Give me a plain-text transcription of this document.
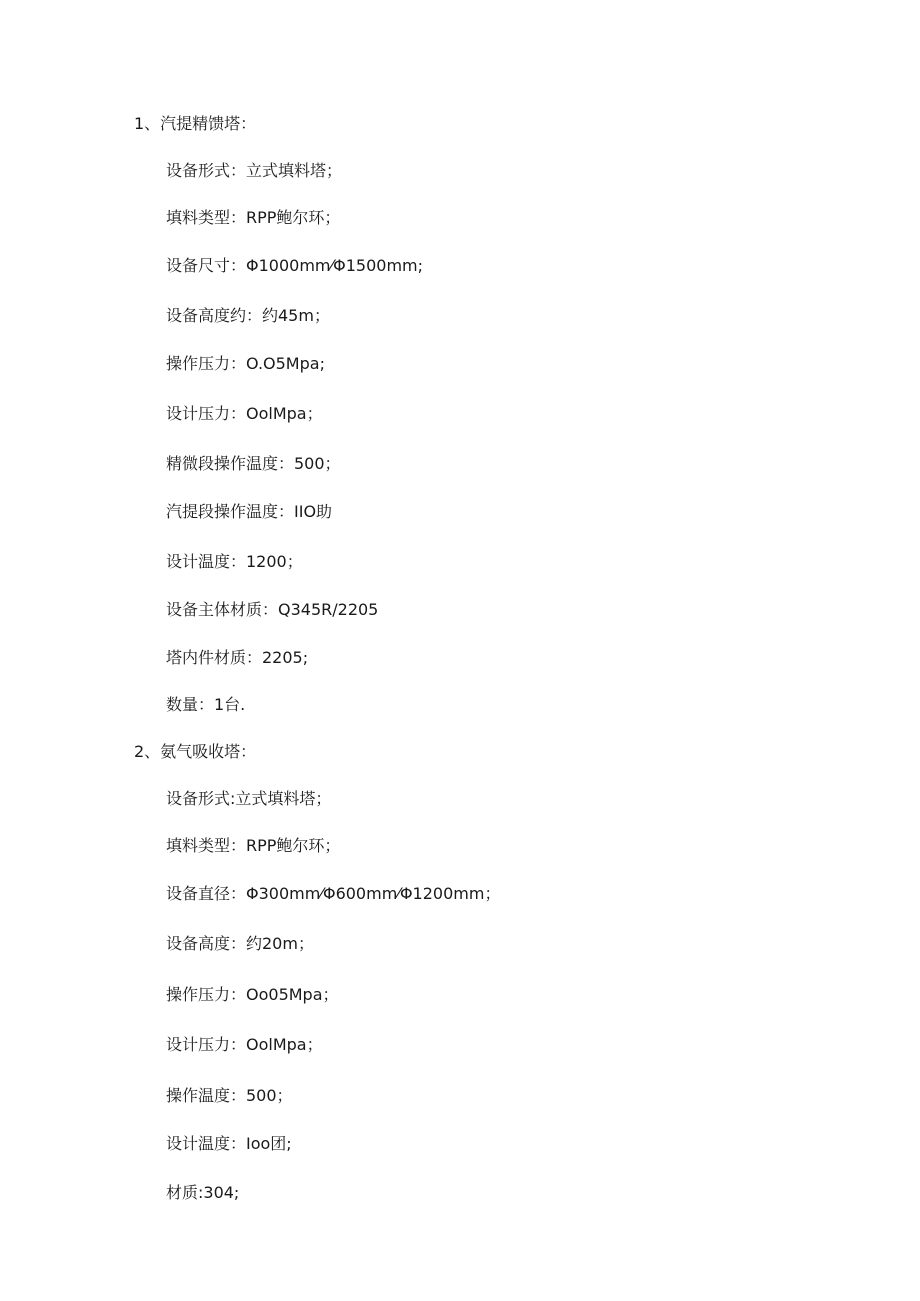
1、汽提精馈塔：
设备形式：立式填料塔；
填料类型：RPP鲍尔环；
设备尺寸：Φ1000mm⁄Φ1500mm;
设备高度约：约45m；
操作压力：O.O5Mpa;
设计压力：OolMpa；
精微段操作温度：500；
汽提段操作温度：IIO助
设计温度：1200；
设备主体材质：Q345R/2205
塔内件材质：2205;
数量：1台.
2、氨气吸收塔：
设备形式:立式填料塔；
填料类型：RPP鲍尔环；
设备直径：Φ300mm⁄Φ600mm⁄Φ1200mm；
设备高度：约20m；
操作压力：Oo05Mpa；
设计压力：OolMpa；
操作温度：500；
设计温度：Ioo团;
材质:304;
